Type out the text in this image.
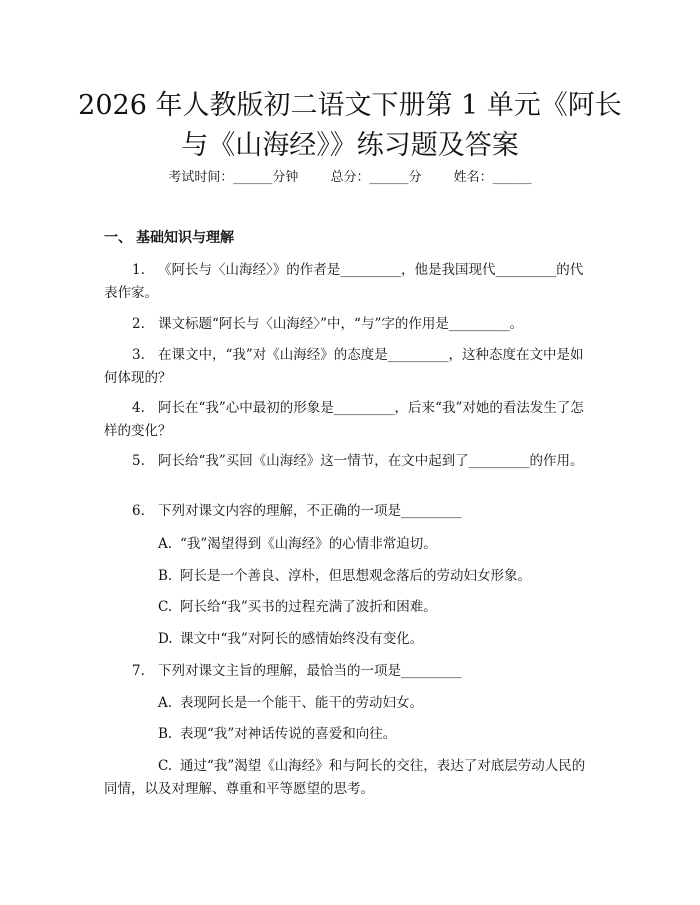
2026 年人教版初二语文下册第 1 单元《阿长
与《山海经》》练习题及答案
考试时间：______分钟 总分：______分 姓名：______
一、 基础知识与理解

1. 《阿长与〈山海经〉》的作者是_________，他是我国现代_________的代表作家。

2. 课文标题“阿长与〈山海经〉”中，“与”字的作用是_________。

3. 在课文中，“我”对《山海经》的态度是_________，这种态度在文中是如何体现的？

4. 阿长在“我”心中最初的形象是_________，后来“我”对她的看法发生了怎样的变化？

5. 阿长给“我”买回《山海经》这一情节，在文中起到了_________的作用。

6. 下列对课文内容的理解，不正确的一项是_________

A. “我”渴望得到《山海经》的心情非常迫切。

B. 阿长是一个善良、淳朴，但思想观念落后的劳动妇女形象。

C. 阿长给“我”买书的过程充满了波折和困难。

D. 课文中“我”对阿长的感情始终没有变化。

7. 下列对课文主旨的理解，最恰当的一项是_________

A. 表现阿长是一个能干、能干的劳动妇女。

B. 表现“我”对神话传说的喜爱和向往。

C. 通过“我”渴望《山海经》和与阿长的交往，表达了对底层劳动人民的同情，以及对理解、尊重和平等愿望的思考。
